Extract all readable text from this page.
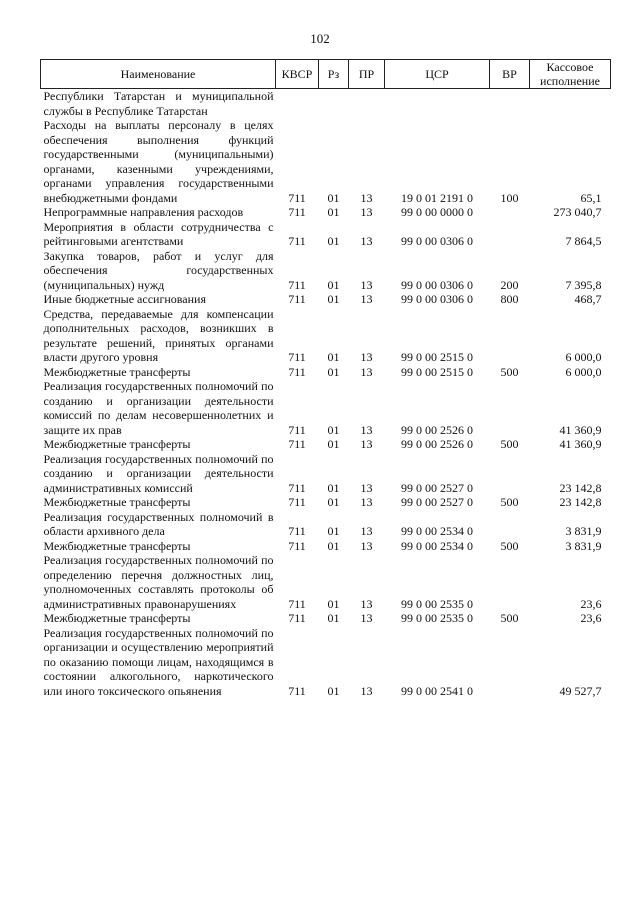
102
Наименование	КВСР	Рз	ПР	ЦСР	ВР	Кассовое исполнение
Республики Татарстан и муниципальной службы в Республике Татарстан						
Расходы на выплаты персоналу в целях обеспечения выполнения функций государственными (муниципальными) органами, казенными учреждениями, органами управления государственными внебюджетными фондами	711	01	13	19 0 01 2191 0	100	65,1
Непрограммные направления расходов	711	01	13	99 0 00 0000 0		273 040,7
Мероприятия в области сотрудничества с рейтинговыми агентствами	711	01	13	99 0 00 0306 0		7 864,5
Закупка товаров, работ и услуг для обеспечения государственных (муниципальных) нужд	711	01	13	99 0 00 0306 0	200	7 395,8
Иные бюджетные ассигнования	711	01	13	99 0 00 0306 0	800	468,7
Средства, передаваемые для компенсации дополнительных расходов, возникших в результате решений, принятых органами власти другого уровня	711	01	13	99 0 00 2515 0		6 000,0
Межбюджетные трансферты	711	01	13	99 0 00 2515 0	500	6 000,0
Реализация государственных полномочий по созданию и организации деятельности комиссий по делам несовершеннолетних и защите их прав	711	01	13	99 0 00 2526 0		41 360,9
Межбюджетные трансферты	711	01	13	99 0 00 2526 0	500	41 360,9
Реализация государственных полномочий по созданию и организации деятельности административных комиссий	711	01	13	99 0 00 2527 0		23 142,8
Межбюджетные трансферты	711	01	13	99 0 00 2527 0	500	23 142,8
Реализация государственных полномочий в области архивного дела	711	01	13	99 0 00 2534 0		3 831,9
Межбюджетные трансферты	711	01	13	99 0 00 2534 0	500	3 831,9
Реализация государственных полномочий по определению перечня должностных лиц, уполномоченных составлять протоколы об административных правонарушениях	711	01	13	99 0 00 2535 0		23,6
Межбюджетные трансферты	711	01	13	99 0 00 2535 0	500	23,6
Реализация государственных полномочий по организации и осуществлению мероприятий по оказанию помощи лицам, находящимся в состоянии алкогольного, наркотического или иного токсического опьянения	711	01	13	99 0 00 2541 0		49 527,7
